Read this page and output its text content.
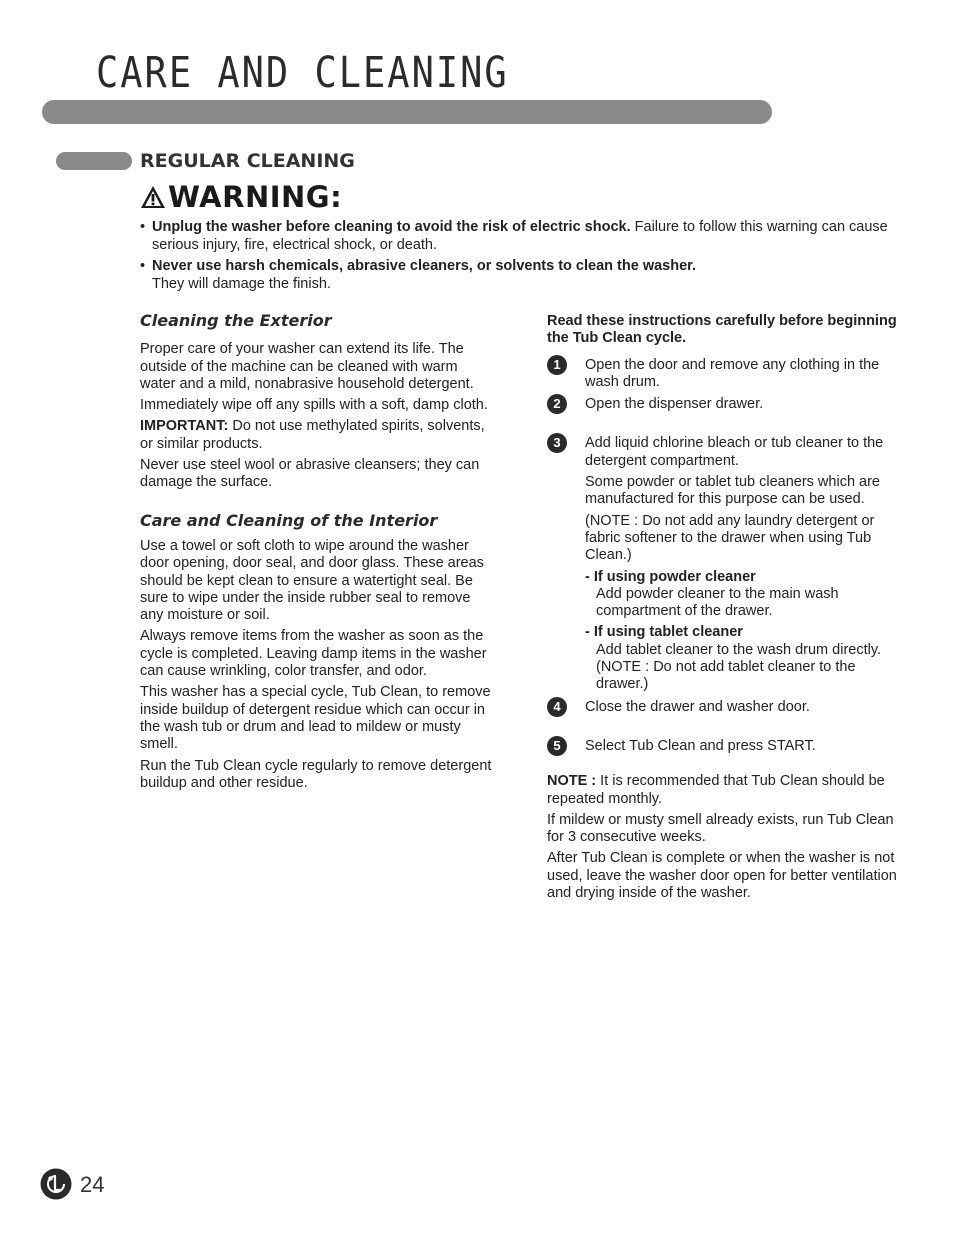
CARE AND CLEANING
REGULAR CLEANING
WARNING:
• Unplug the washer before cleaning to avoid the risk of electric shock. Failure to follow this warning can cause serious injury, fire, electrical shock, or death.
• Never use harsh chemicals, abrasive cleaners, or solvents to clean the washer.
They will damage the finish.
Cleaning the Exterior

Proper care of your washer can extend its life. The outside of the machine can be cleaned with warm water and a mild, nonabrasive household detergent.

Immediately wipe off any spills with a soft, damp cloth.

IMPORTANT: Do not use methylated spirits, solvents, or similar products.

Never use steel wool or abrasive cleansers; they can damage the surface.

Care and Cleaning of the Interior

Use a towel or soft cloth to wipe around the washer door opening, door seal, and door glass. These areas should be kept clean to ensure a watertight seal. Be sure to wipe under the inside rubber seal to remove any moisture or soil.

Always remove items from the washer as soon as the cycle is completed. Leaving damp items in the washer can cause wrinkling, color transfer, and odor.

This washer has a special cycle, Tub Clean, to remove inside buildup of detergent residue which can occur in the wash tub or drum and lead to mildew or musty smell.

Run the Tub Clean cycle regularly to remove detergent buildup and other residue.

Read these instructions carefully before beginning the Tub Clean cycle.
1	Open the door and remove any clothing in the wash drum.
2	Open the dispenser drawer.
3	Add liquid chlorine bleach or tub cleaner to the detergent compartment.

Some powder or tablet tub cleaners which are manufactured for this purpose can be used.

(NOTE : Do not add any laundry detergent or fabric softener to the drawer when using Tub Clean.)

- If using powder cleaner
Add powder cleaner to the main wash compartment of the drawer.
- If using tablet cleaner
Add tablet cleaner to the wash drum directly.
(NOTE : Do not add tablet cleaner to the drawer.)
4	Close the drawer and washer door.
5	Select Tub Clean and press START.

NOTE : It is recommended that Tub Clean should be repeated monthly.

If mildew or musty smell already exists, run Tub Clean for 3 consecutive weeks.

After Tub Clean is complete or when the washer is not used, leave the washer door open for better ventilation and drying inside of the washer.

24
